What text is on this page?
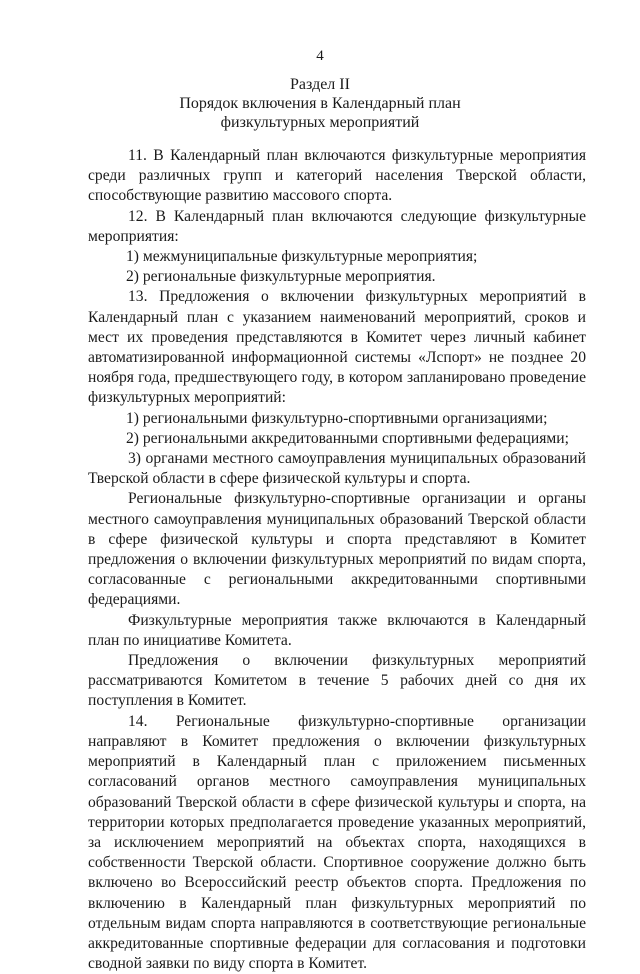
4
Раздел II
Порядок включения в Календарный план
физкультурных мероприятий
11. В Календарный план включаются физкультурные мероприятия среди различных групп и категорий населения Тверской области, способствующие развитию массового спорта.
12. В Календарный план включаются следующие физкультурные мероприятия:
1) межмуниципальные физкультурные мероприятия;
2) региональные физкультурные мероприятия.
13. Предложения о включении физкультурных мероприятий в Календарный план с указанием наименований мероприятий, сроков и мест их проведения представляются в Комитет через личный кабинет автоматизированной информационной системы «Лспорт» не позднее 20 ноября года, предшествующего году, в котором запланировано проведение физкультурных мероприятий:
1) региональными физкультурно-спортивными организациями;
2) региональными аккредитованными спортивными федерациями;
3) органами местного самоуправления муниципальных образований Тверской области в сфере физической культуры и спорта.
Региональные физкультурно-спортивные организации и органы местного самоуправления муниципальных образований Тверской области в сфере физической культуры и спорта представляют в Комитет предложения о включении физкультурных мероприятий по видам спорта, согласованные с региональными аккредитованными спортивными федерациями.
Физкультурные мероприятия также включаются в Календарный план по инициативе Комитета.
Предложения о включении физкультурных мероприятий рассматриваются Комитетом в течение 5 рабочих дней со дня их поступления в Комитет.
14. Региональные физкультурно-спортивные организации направляют в Комитет предложения о включении физкультурных мероприятий в Календарный план с приложением письменных согласований органов местного самоуправления муниципальных образований Тверской области в сфере физической культуры и спорта, на территории которых предполагается проведение указанных мероприятий, за исключением мероприятий на объектах спорта, находящихся в собственности Тверской области. Спортивное сооружение должно быть включено во Всероссийский реестр объектов спорта. Предложения по включению в Календарный план физкультурных мероприятий по отдельным видам спорта направляются в соответствующие региональные аккредитованные спортивные федерации для согласования и подготовки сводной заявки по виду спорта в Комитет.
